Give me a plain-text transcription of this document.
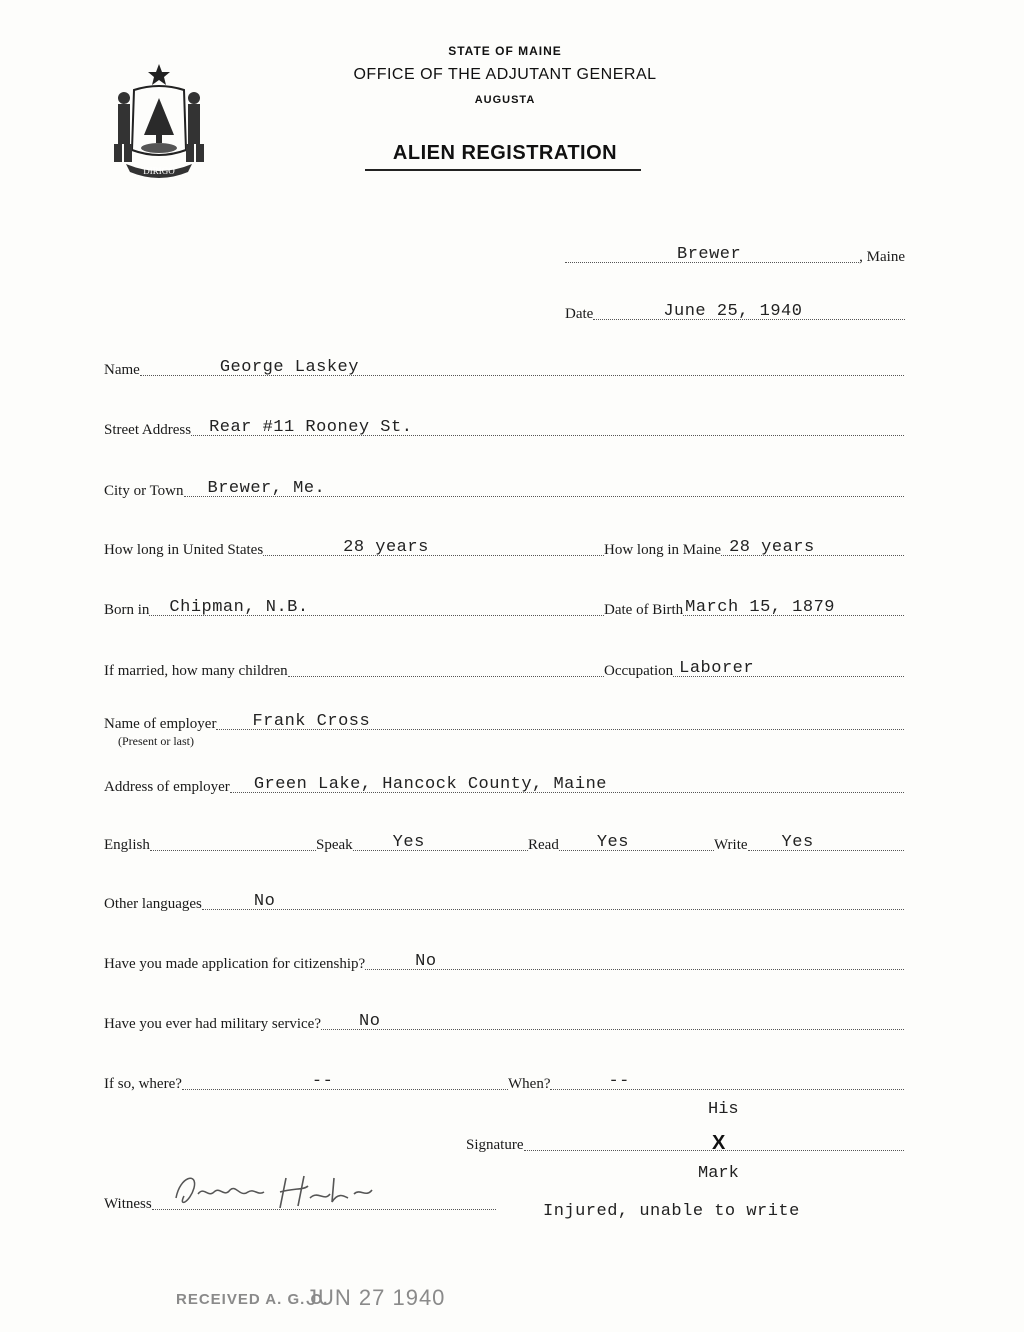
DIRIGO
STATE OF MAINE
OFFICE OF THE ADJUTANT GENERAL
AUGUSTA
ALIEN REGISTRATION
Brewer	, Maine
Date	June 25, 1940
Name	George Laskey
Street Address Rear #11 Rooney St.
City or Town Brewer, Me.
How long in United States	28 years	How long in Maine 28 years
Born in Chipman, N.B.	Date of Birth March 15, 1879
If married, how many children	Occupation Laborer
Name of employer Frank Cross
(Present or last)
Address of employer Green Lake, Hancock County, Maine
English	Speak Yes	Read Yes	Write Yes
Other languages	No
Have you made application for citizenship?	No
Have you ever had military service? No
If so, where?	--	When?	--
His
Signature	X
Mark
Injured, unable to write
Witness
RECEIVED A. G. O.
JUN 27 1940
